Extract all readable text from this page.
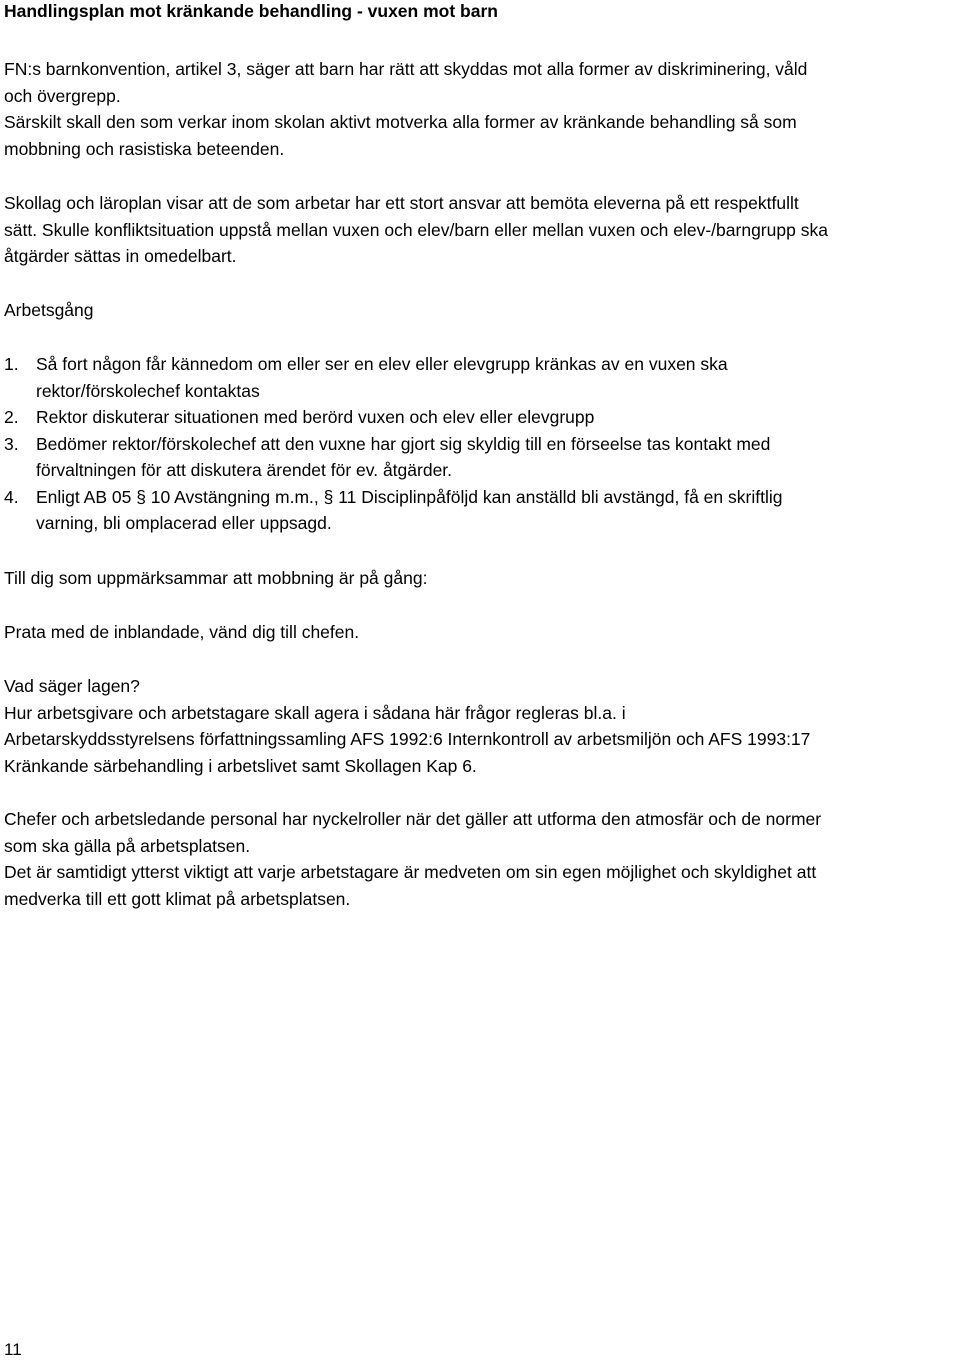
Handlingsplan mot kränkande behandling - vuxen mot barn
FN:s barnkonvention, artikel 3, säger att barn har rätt att skyddas mot alla former av diskriminering, våld
och övergrepp.
Särskilt skall den som verkar inom skolan aktivt motverka alla former av kränkande behandling så som
mobbning och rasistiska beteenden.
Skollag och läroplan visar att de som arbetar har ett stort ansvar att bemöta eleverna på ett respektfullt
sätt. Skulle konfliktsituation uppstå mellan vuxen och elev/barn eller mellan vuxen och elev-/barngrupp ska
åtgärder sättas in omedelbart.
Arbetsgång
1. Så fort någon får kännedom om eller ser en elev eller elevgrupp kränkas av en vuxen ska
rektor/förskolechef kontaktas
2. Rektor diskuterar situationen med berörd vuxen och elev eller elevgrupp
3. Bedömer rektor/förskolechef att den vuxne har gjort sig skyldig till en förseelse tas kontakt med
förvaltningen för att diskutera ärendet för ev. åtgärder.
4. Enligt AB 05 § 10 Avstängning m.m., § 11 Disciplinpåföljd kan anställd bli avstängd, få en skriftlig
varning, bli omplacerad eller uppsagd.
Till dig som uppmärksammar att mobbning är på gång:
Prata med de inblandade, vänd dig till chefen.
Vad säger lagen?
Hur arbetsgivare och arbetstagare skall agera i sådana här frågor regleras bl.a. i
Arbetarskyddsstyrelsens författningssamling AFS 1992:6 Internkontroll av arbetsmiljön och AFS 1993:17
Kränkande särbehandling i arbetslivet samt Skollagen Kap 6.
Chefer och arbetsledande personal har nyckelroller när det gäller att utforma den atmosfär och de normer
som ska gälla på arbetsplatsen.
Det är samtidigt ytterst viktigt att varje arbetstagare är medveten om sin egen möjlighet och skyldighet att
medverka till ett gott klimat på arbetsplatsen.
11
